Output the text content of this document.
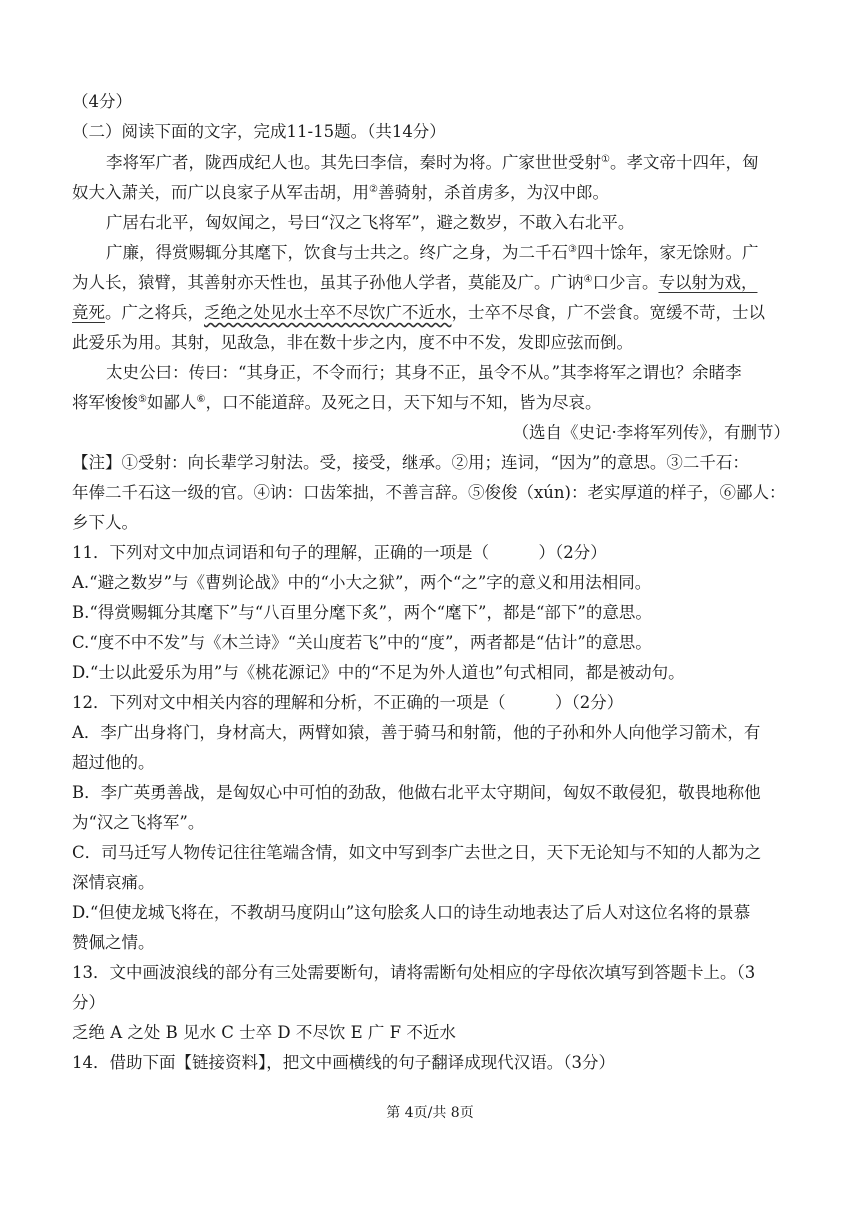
（4分）
（二）阅读下面的文字，完成11-15题。（共14分）
李将军广者，陇西成纪人也。其先曰李信，秦时为将。广家世世受射①。孝文帝十四年，匈
奴大入萧关，而广以良家子从军击胡，用②善骑射，杀首虏多，为汉中郎。
广居右北平，匈奴闻之，号曰“汉之飞将军”，避之数岁，不敢入右北平。
广廉，得赏赐辄分其麾下，饮食与士共之。终广之身，为二千石③四十馀年，家无馀财。广
为人长，猿臂，其善射亦天性也，虽其子孙他人学者，莫能及广。广讷④口少言。专以射为戏，
竟死。广之将兵，乏绝之处见水士卒不尽饮广不近水，士卒不尽食，广不尝食。宽缓不苛，士以
此爱乐为用。其射，见敌急，非在数十步之内，度不中不发，发即应弦而倒。
太史公曰：传曰：“其身正，不令而行；其身不正，虽令不从。”其李将军之谓也？余睹李
将军悛悛⑤如鄙人⑥，口不能道辞。及死之日，天下知与不知，皆为尽哀。
（选自《史记·李将军列传》，有删节）
【注】①受射：向长辈学习射法。受，接受，继承。②用；连词，“因为”的意思。③二千石：
年俸二千石这一级的官。④讷：口齿笨拙，不善言辞。⑤俊俊（xún)：老实厚道的样子，⑥鄙人：
乡下人。
11．下列对文中加点词语和句子的理解，正确的一项是（　　　）（2分）
A.“避之数岁”与《曹刿论战》中的“小大之狱”，两个“之”字的意义和用法相同。
B.“得赏赐辄分其麾下”与“八百里分麾下炙”，两个“麾下”，都是“部下”的意思。
C.“度不中不发”与《木兰诗》“关山度若飞”中的“度”，两者都是“估计”的意思。
D.“士以此爱乐为用”与《桃花源记》中的“不足为外人道也”句式相同，都是被动句。
12．下列对文中相关内容的理解和分析，不正确的一项是（　　　）（2分）
A．李广出身将门，身材高大，两臂如猿，善于骑马和射箭，他的子孙和外人向他学习箭术，有
超过他的。
B．李广英勇善战，是匈奴心中可怕的劲敌，他做右北平太守期间，匈奴不敢侵犯，敬畏地称他
为“汉之飞将军”。
C．司马迁写人物传记往往笔端含情，如文中写到李广去世之日，天下无论知与不知的人都为之
深情哀痛。
D.“但使龙城飞将在，不教胡马度阴山”这句脍炙人口的诗生动地表达了后人对这位名将的景慕
赞佩之情。
13．文中画波浪线的部分有三处需要断句，请将需断句处相应的字母依次填写到答题卡上。（3
分）
乏绝 A 之处 B 见水 C 士卒 D 不尽饮 E 广 F 不近水
14．借助下面【链接资料】，把文中画横线的句子翻译成现代汉语。（3分）
第 4页/共 8页
